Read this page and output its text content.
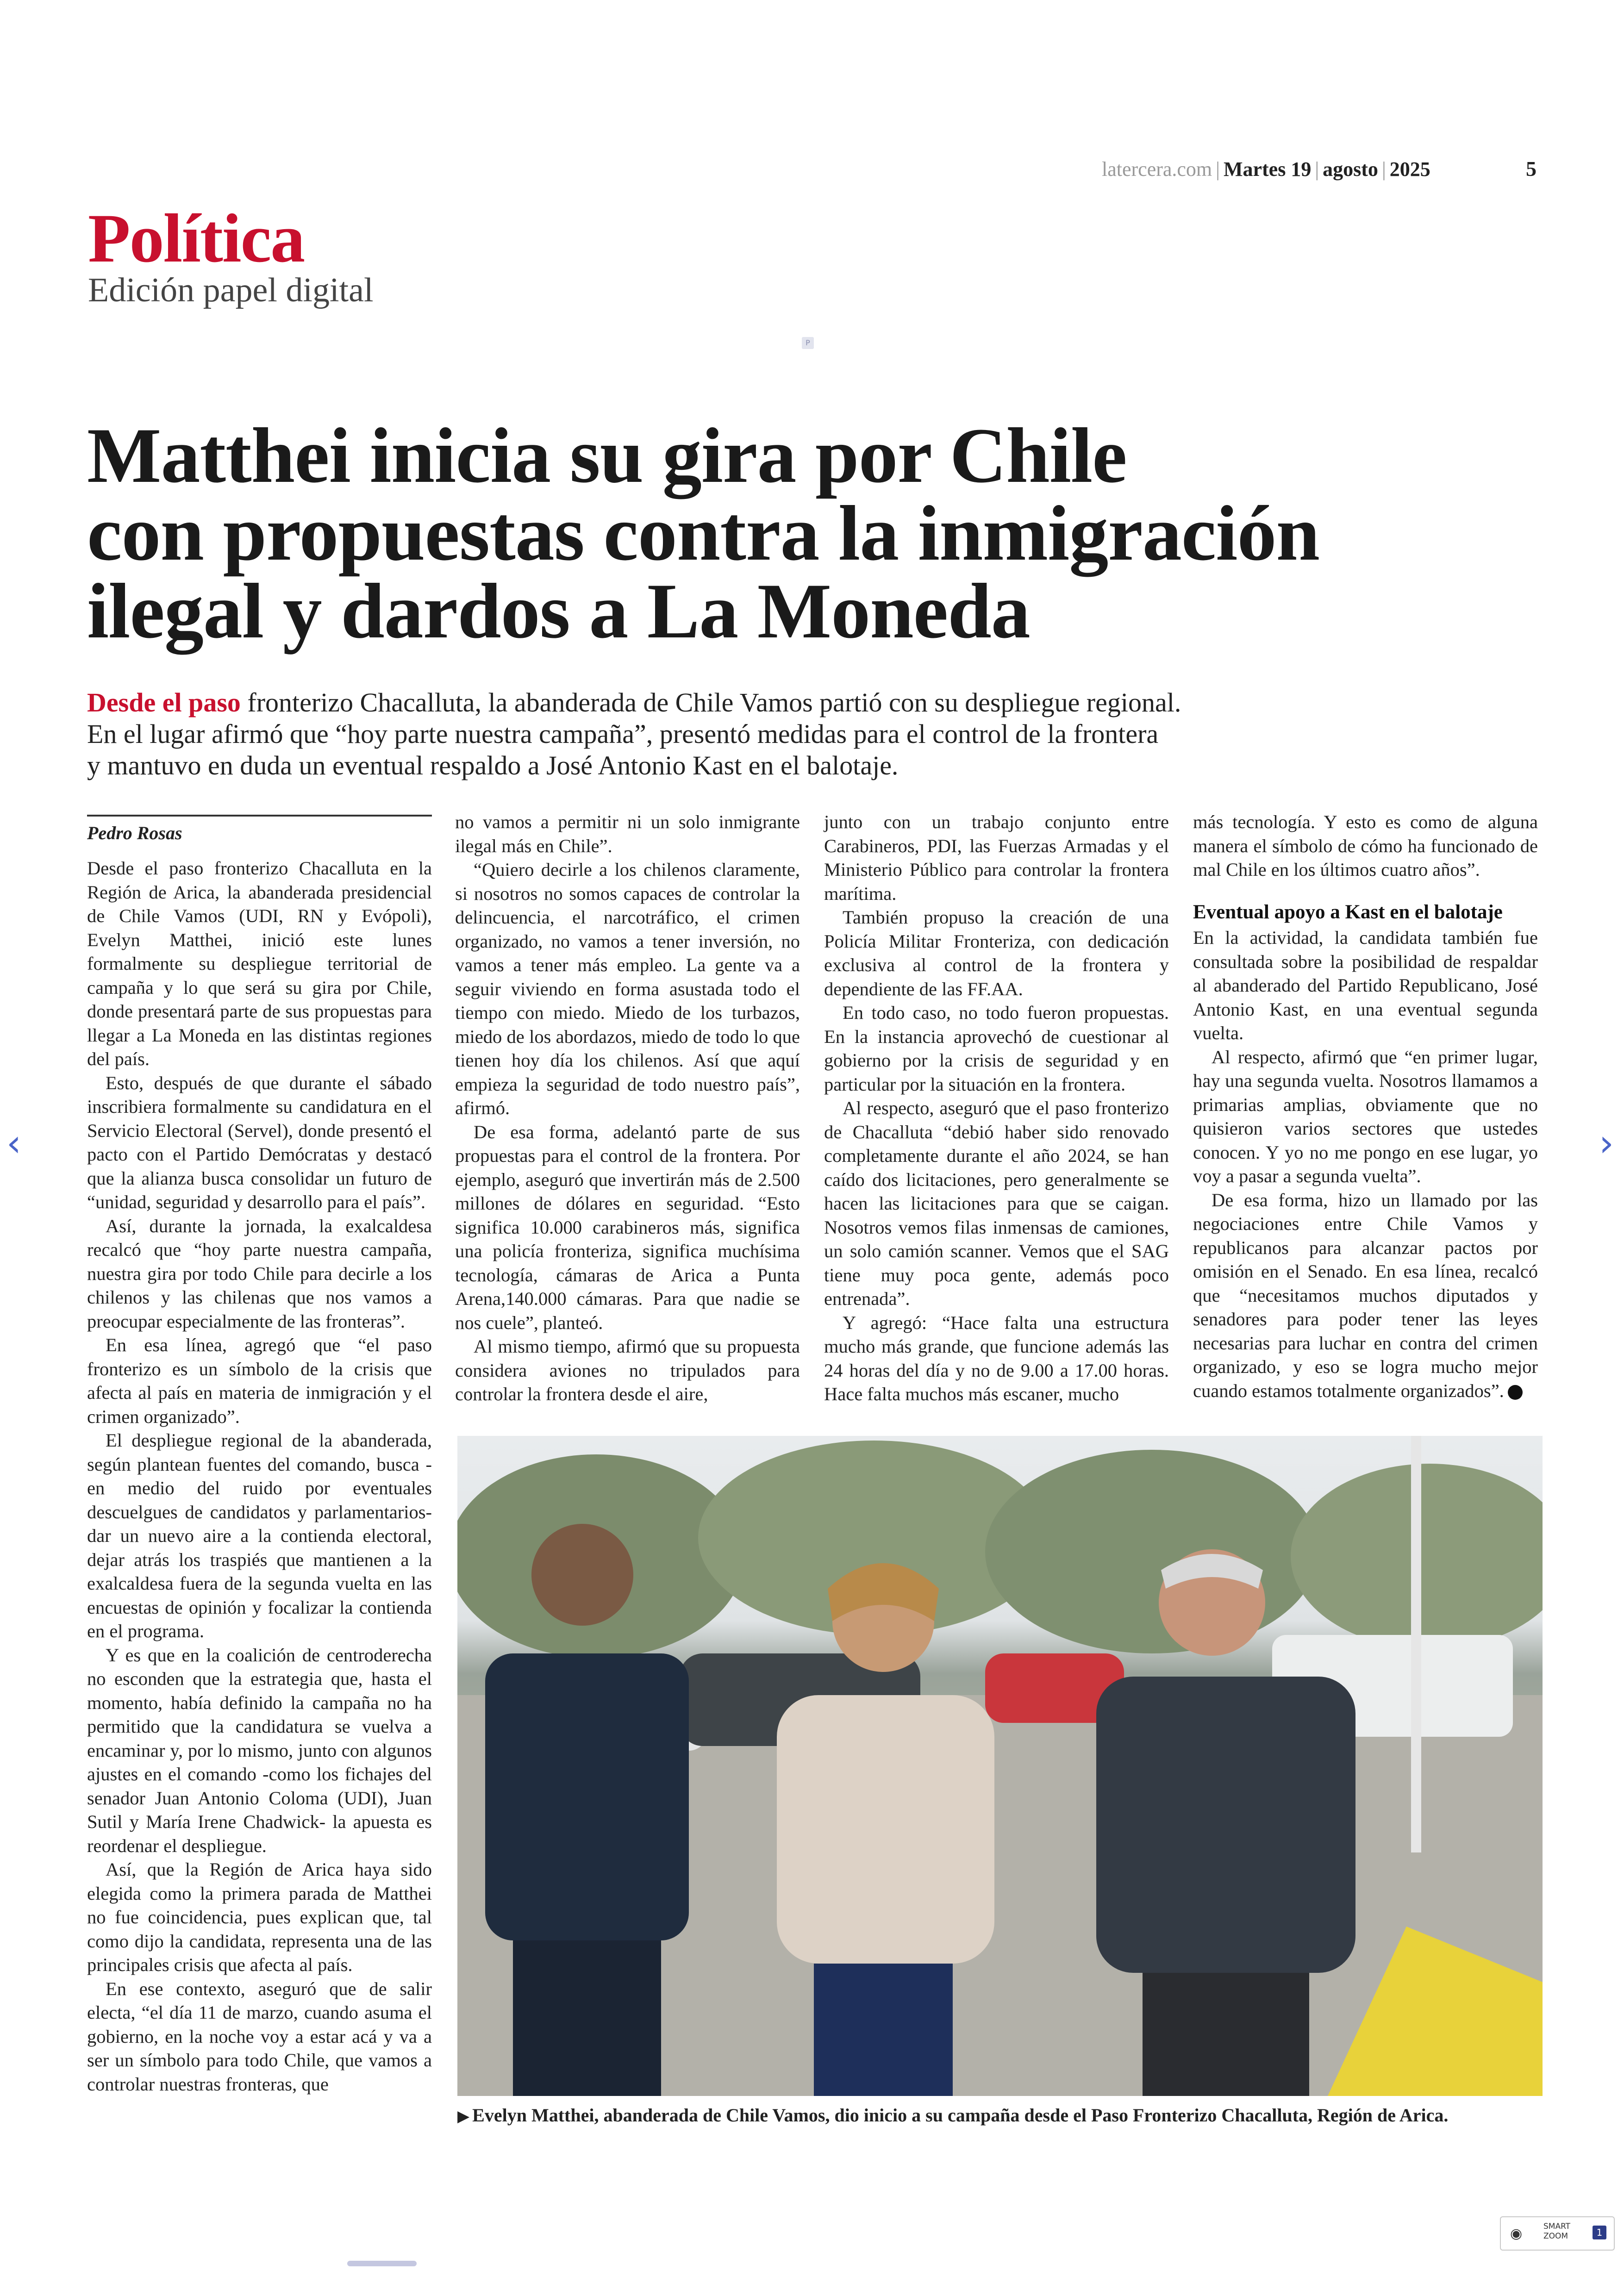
latercera.com | Martes 19 | agosto | 2025	5
Política
Edición papel digital
P
Matthei inicia su gira por Chile
con propuestas contra la inmigración
ilegal y dardos a La Moneda
Desde el paso fronterizo Chacalluta, la abanderada de Chile Vamos partió con su despliegue regional.
En el lugar afirmó que “hoy parte nuestra campaña”, presentó medidas para el control de la frontera
y mantuvo en duda un eventual respaldo a José Antonio Kast en el balotaje.
Pedro Rosas

Desde el paso fronterizo Chacalluta en la Región de Arica, la abanderada presidencial de Chile Vamos (UDI, RN y Evópoli), Evelyn Matthei, inició este lunes formalmente su despliegue territorial de campaña y lo que será su gira por Chile, donde presentará parte de sus propuestas para llegar a La Moneda en las distintas regiones del país.

Esto, después de que durante el sábado inscribiera formalmente su candidatura en el Servicio Electoral (Servel), donde presentó el pacto con el Partido Demócratas y destacó que la alianza busca consolidar un futuro de “unidad, seguridad y desarrollo para el país”.

Así, durante la jornada, la exalcaldesa recalcó que “hoy parte nuestra campaña, nuestra gira por todo Chile para decirle a los chilenos y las chilenas que nos vamos a preocupar especialmente de las fronteras”.

En esa línea, agregó que “el paso fronterizo es un símbolo de la crisis que afecta al país en materia de inmigración y el crimen organizado”.

El despliegue regional de la abanderada, según plantean fuentes del comando, busca -en medio del ruido por eventuales descuelgues de candidatos y parlamentarios- dar un nuevo aire a la contienda electoral, dejar atrás los traspiés que mantienen a la exalcaldesa fuera de la segunda vuelta en las encuestas de opinión y focalizar la contienda en el programa.

Y es que en la coalición de centroderecha no esconden que la estrategia que, hasta el momento, había definido la campaña no ha permitido que la candidatura se vuelva a encaminar y, por lo mismo, junto con algunos ajustes en el comando -como los fichajes del senador Juan Antonio Coloma (UDI), Juan Sutil y María Irene Chadwick- la apuesta es reordenar el despliegue.

Así, que la Región de Arica haya sido elegida como la primera parada de Matthei no fue coincidencia, pues explican que, tal como dijo la candidata, representa una de las principales crisis que afecta al país.

En ese contexto, aseguró que de salir electa, “el día 11 de marzo, cuando asuma el gobierno, en la noche voy a estar acá y va a ser un símbolo para todo Chile, que vamos a controlar nuestras fronteras, que

no vamos a permitir ni un solo inmigrante ilegal más en Chile”.

“Quiero decirle a los chilenos claramente, si nosotros no somos capaces de controlar la delincuencia, el narcotráfico, el crimen organizado, no vamos a tener inversión, no vamos a tener más empleo. La gente va a seguir viviendo en forma asustada todo el tiempo con miedo. Miedo de los turbazos, miedo de los abordazos, miedo de todo lo que tienen hoy día los chilenos. Así que aquí empieza la seguridad de todo nuestro país”, afirmó.

De esa forma, adelantó parte de sus propuestas para el control de la frontera. Por ejemplo, aseguró que invertirán más de 2.500 millones de dólares en seguridad. “Esto significa 10.000 carabineros más, significa una policía fronteriza, significa muchísima tecnología, cámaras de Arica a Punta Arena,140.000 cámaras. Para que nadie se nos cuele”, planteó.

Al mismo tiempo, afirmó que su propuesta considera aviones no tripulados para controlar la frontera desde el aire,

junto con un trabajo conjunto entre Carabineros, PDI, las Fuerzas Armadas y el Ministerio Público para controlar la frontera marítima.

También propuso la creación de una Policía Militar Fronteriza, con dedicación exclusiva al control de la frontera y dependiente de las FF.AA.

En todo caso, no todo fueron propuestas. En la instancia aprovechó de cuestionar al gobierno por la crisis de seguridad y en particular por la situación en la frontera.

Al respecto, aseguró que el paso fronterizo de Chacalluta “debió haber sido renovado completamente durante el año 2024, se han caído dos licitaciones, pero generalmente se hacen las licitaciones para que se caigan. Nosotros vemos filas inmensas de camiones, un solo camión scanner. Vemos que el SAG tiene muy poca gente, además poco entrenada”.

Y agregó: “Hace falta una estructura mucho más grande, que funcione además las 24 horas del día y no de 9.00 a 17.00 horas. Hace falta muchos más escaner, mucho

más tecnología. Y esto es como de alguna manera el símbolo de cómo ha funcionado de mal Chile en los últimos cuatro años”.

Eventual apoyo a Kast en el balotaje

En la actividad, la candidata también fue consultada sobre la posibilidad de respaldar al abanderado del Partido Republicano, José Antonio Kast, en una eventual segunda vuelta.

Al respecto, afirmó que “en primer lugar, hay una segunda vuelta. Nosotros llamamos a primarias amplias, obviamente que no quisieron varios sectores que ustedes conocen. Y yo no me pongo en ese lugar, yo voy a pasar a segunda vuelta”.

De esa forma, hizo un llamado por las negociaciones entre Chile Vamos y republicanos para alcanzar pactos por omisión en el Senado. En esa línea, recalcó que “necesitamos muchos diputados y senadores para poder tener las leyes necesarias para luchar en contra del crimen organizado, y eso se logra mucho mejor cuando estamos totalmente organizados”.

▶ Evelyn Matthei, abanderada de Chile Vamos, dio inicio a su campaña desde el Paso Fronterizo Chacalluta, Región de Arica.
‹	›
◉	SMART ZOOM	1
